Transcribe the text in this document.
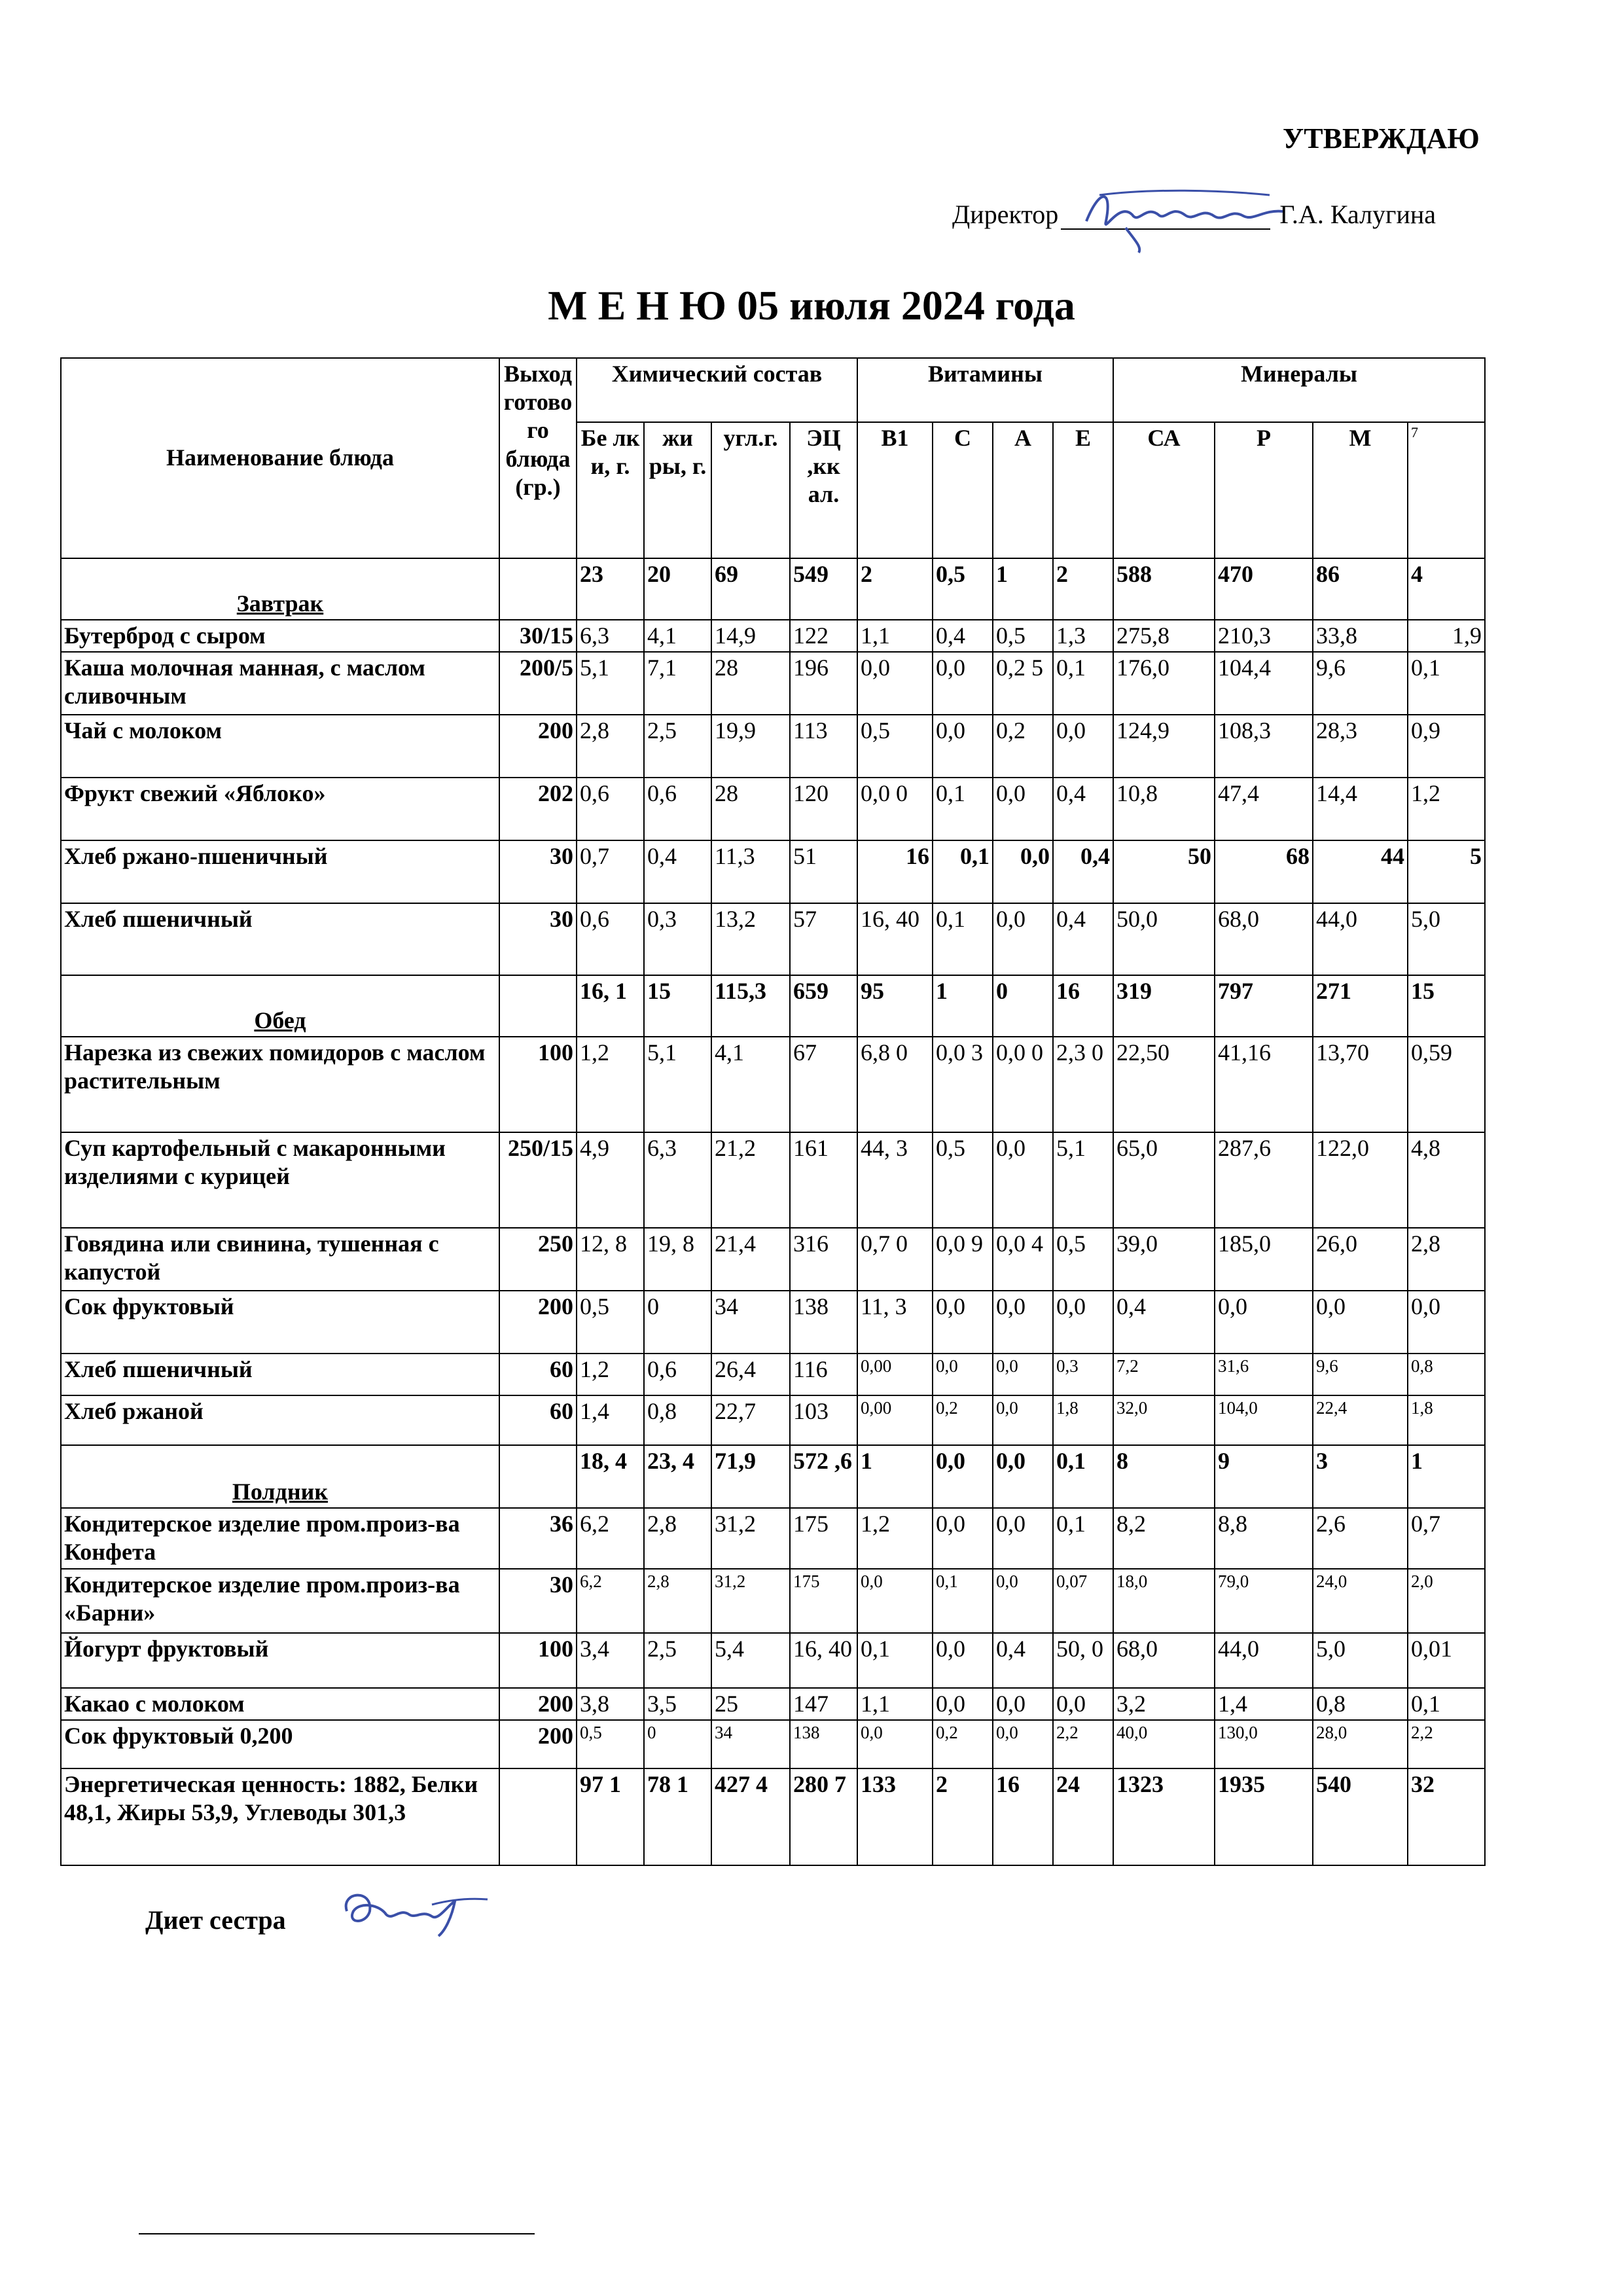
УТВЕРЖДАЮ
Директор	Г.А. Калугина
М Е Н Ю 05 июля 2024 года
Наименование блюда	Выход готово го блюда (гр.)	Химический состав				Витамины				Минералы			
		Бе лк и, г.	жи ры, г.	угл.г.	ЭЦ ,кк ал.	В1	С	А	Е	СА	Р	М	7
Завтрак		23	20	69	549	2	0,5	1	2	588	470	86	4
Бутерброд с сыром	30/15	6,3	4,1	14,9	122	1,1	0,4	0,5	1,3	275,8	210,3	33,8	1,9
Каша молочная манная, с маслом сливочным	200/5	5,1	7,1	28	196	0,0	0,0	0,2 5	0,1	176,0	104,4	9,6	0,1
Чай с молоком	200	2,8	2,5	19,9	113	0,5	0,0	0,2	0,0	124,9	108,3	28,3	0,9
Фрукт свежий «Яблоко»	202	0,6	0,6	28	120	0,0 0	0,1	0,0	0,4	10,8	47,4	14,4	1,2
Хлеб ржано-пшеничный	30	0,7	0,4	11,3	51	16	0,1	0,0	0,4	50	68	44	5
Хлеб пшеничный	30	0,6	0,3	13,2	57	16, 40	0,1	0,0	0,4	50,0	68,0	44,0	5,0
Обед		16, 1	15	115,3	659	95	1	0	16	319	797	271	15
Нарезка из свежих помидоров с маслом растительным	100	1,2	5,1	4,1	67	6,8 0	0,0 3	0,0 0	2,3 0	22,50	41,16	13,70	0,59
Суп картофельный с макаронными изделиями с курицей	250/15	4,9	6,3	21,2	161	44, 3	0,5	0,0	5,1	65,0	287,6	122,0	4,8
Говядина или свинина, тушенная с капустой	250	12, 8	19, 8	21,4	316	0,7 0	0,0 9	0,0 4	0,5	39,0	185,0	26,0	2,8
Сок фруктовый	200	0,5	0	34	138	11, 3	0,0	0,0	0,0	0,4	0,0	0,0	0,0
Хлеб пшеничный	60	1,2	0,6	26,4	116	0,00	0,0	0,0	0,3	7,2	31,6	9,6	0,8
Хлеб ржаной	60	1,4	0,8	22,7	103	0,00	0,2	0,0	1,8	32,0	104,0	22,4	1,8
Полдник		18, 4	23, 4	71,9	572 ,6	1	0,0	0,0	0,1	8	9	3	1
Кондитерское изделие пром.произ-ва Конфета	36	6,2	2,8	31,2	175	1,2	0,0	0,0	0,1	8,2	8,8	2,6	0,7
Кондитерское изделие пром.произ-ва «Барни»	30	6,2	2,8	31,2	175	0,0	0,1	0,0	0,07	18,0	79,0	24,0	2,0
Йогурт фруктовый	100	3,4	2,5	5,4	16, 40	0,1	0,0	0,4	50, 0	68,0	44,0	5,0	0,01
Какао с молоком	200	3,8	3,5	25	147	1,1	0,0	0,0	0,0	3,2	1,4	0,8	0,1
Сок фруктовый 0,200	200	0,5	0	34	138	0,0	0,2	0,0	2,2	40,0	130,0	28,0	2,2
Энергетическая ценность: 1882, Белки 48,1, Жиры 53,9, Углеводы 301,3		97 1	78 1	427 4	280 7	133	2	16	24	1323	1935	540	32
Диет сестра
